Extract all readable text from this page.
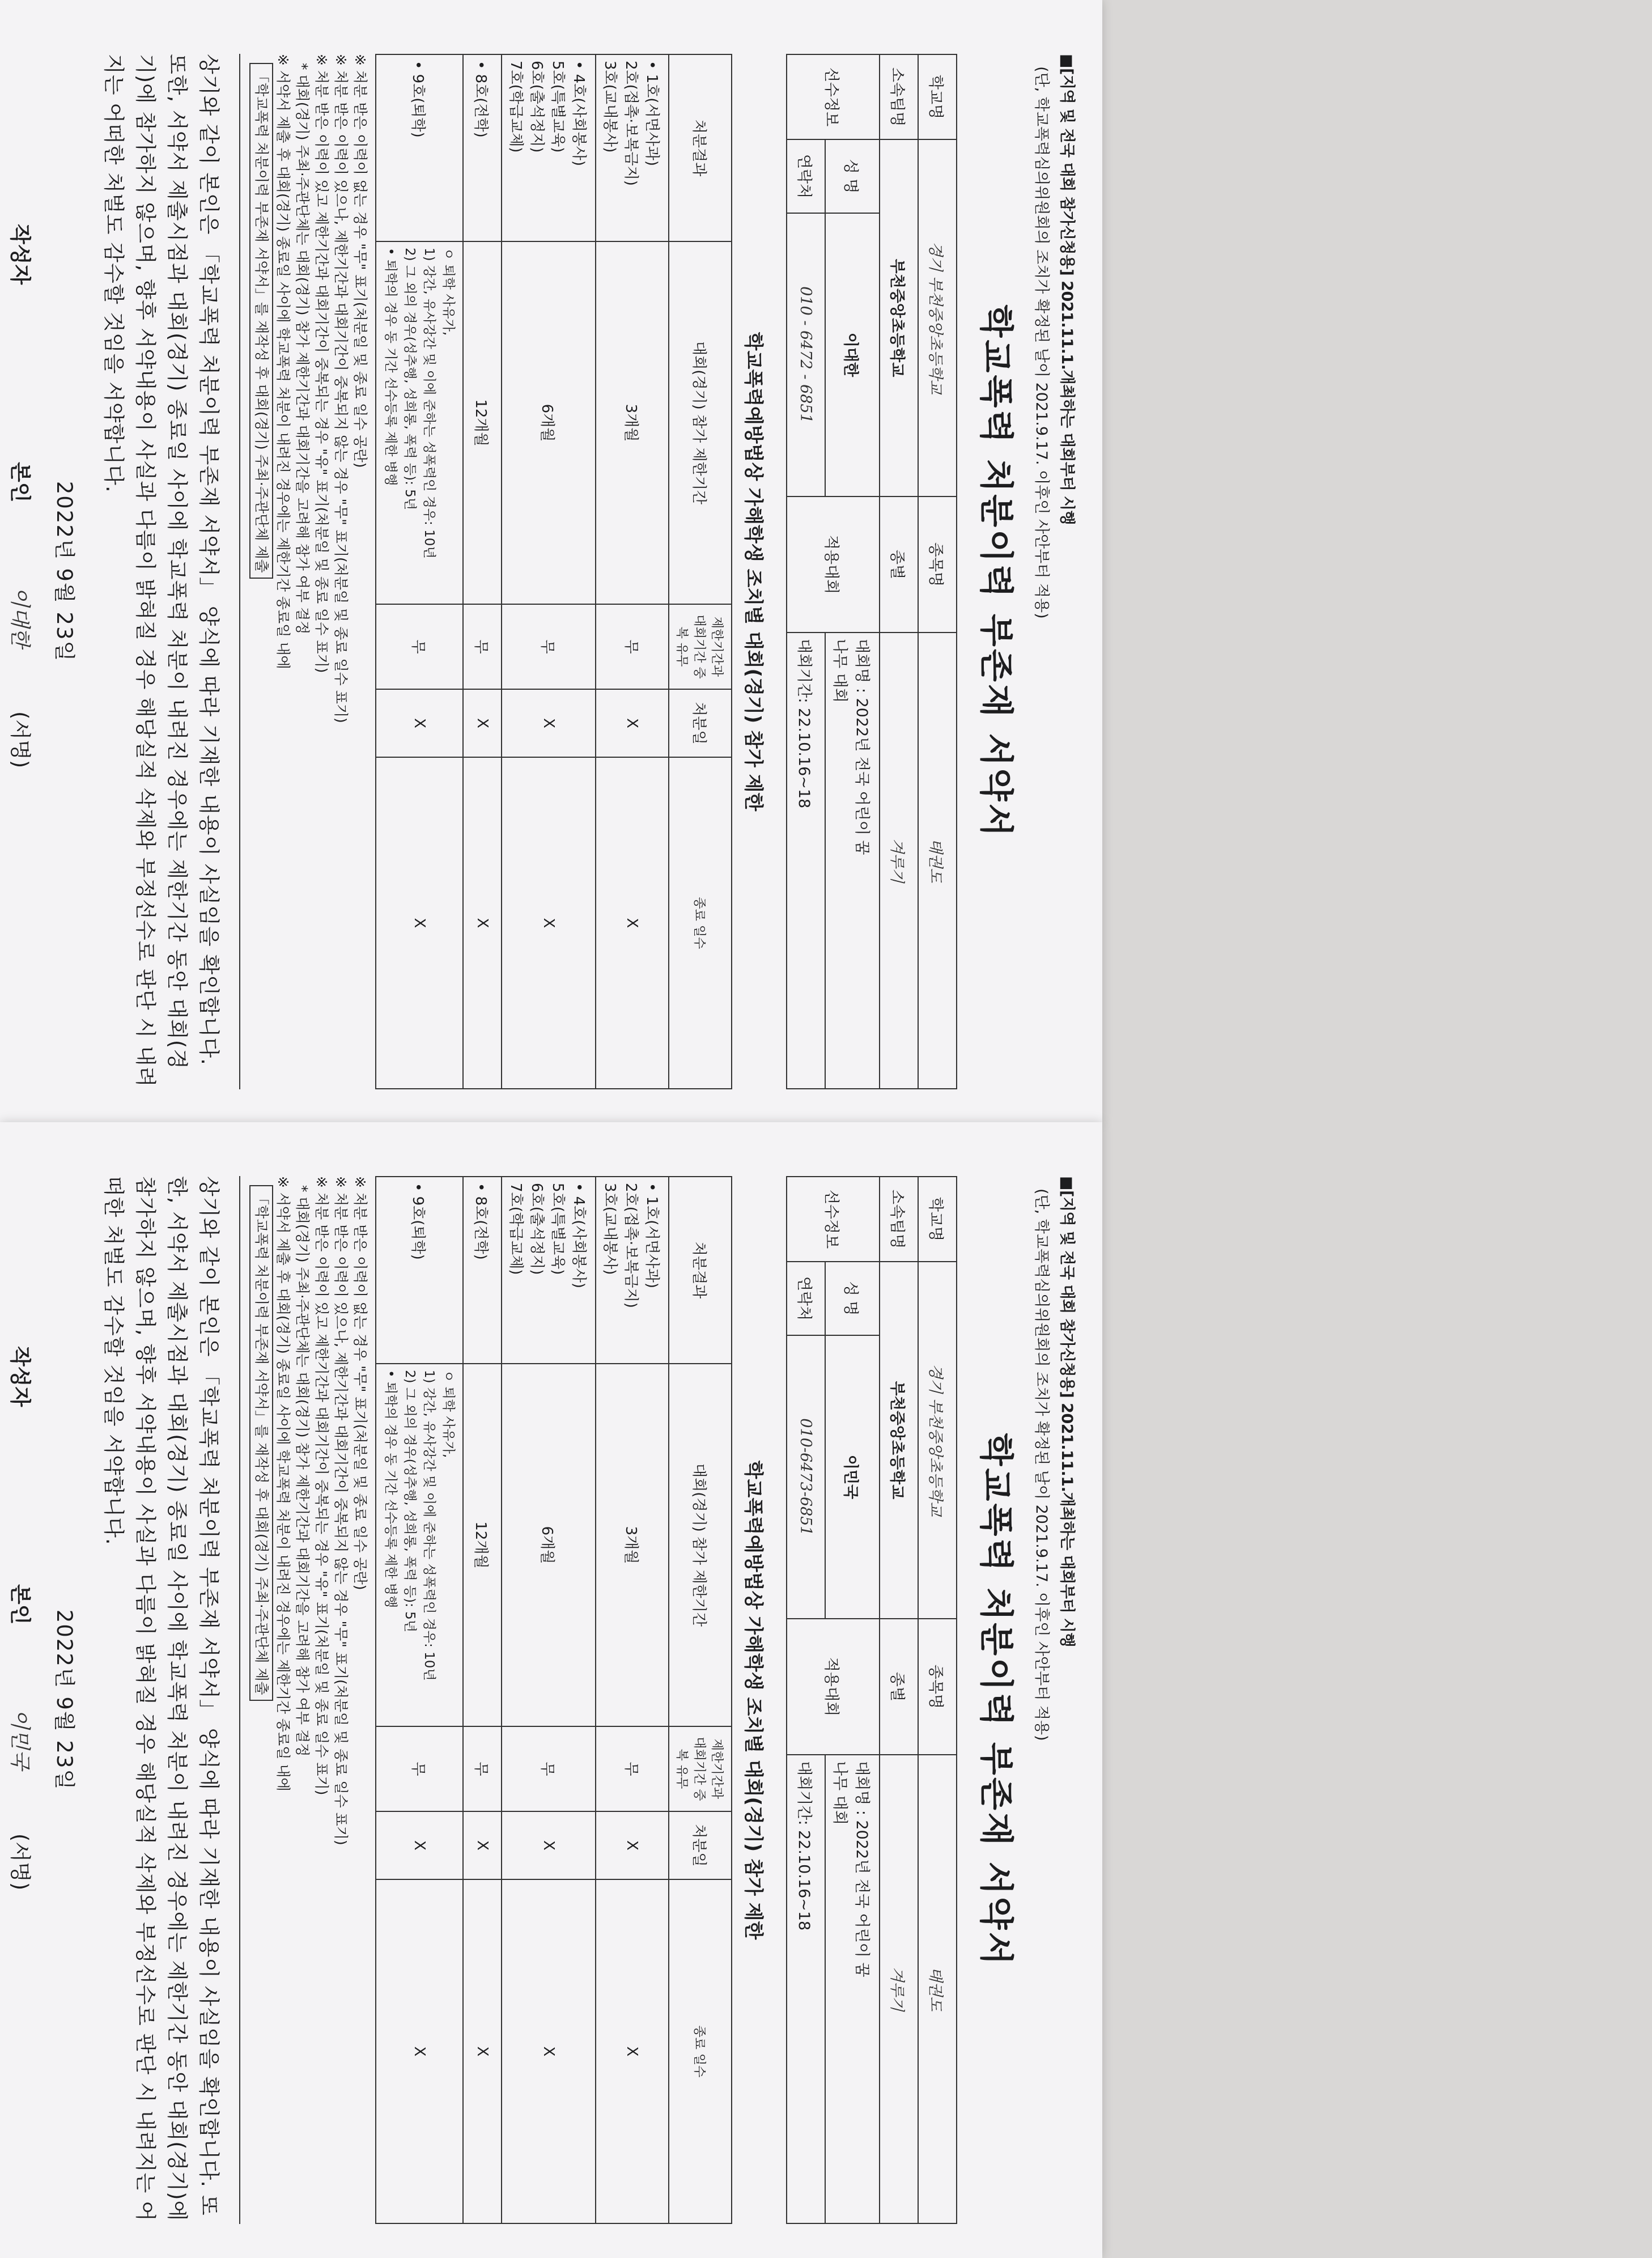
■[지역 및 전국 대회 참가신청용] 2021.11.1.개최하는 대회부터 시행
(단, 학교폭력심의위원회의 조치가 확정된 날이 2021.9.17. 이후인 사안부터 적용)
학교폭력 처분이력 부존재 서약서
학교명	경기 부천중앙초등학교		종목명	태권도
소속팀명	부천중앙초등학교		종별	겨루기
선수정보	성 명	이대한	적용대회	대회명 : 2022년 전국 어린이 꿈
나무 대회
	연락처	010 - 6472 - 6851		대회기간: 22.10.16~18
학교폭력예방법상 가해학생 조치별 대회(경기) 참가 제한
처분결과	대회(경기) 참가 제한기간	제한기간과 대회기간 중복 유무	처분일	종료 일수
• 1호(서면사과)
2호(접촉·보복금지)
3호(교내봉사)	3개월	무	X	X
• 4호(사회봉사)
5호(특별교육)
6호(출석정지)
7호(학급교체)	6개월	무	X	X
• 8호(전학)	12개월	무	X	X
• 9호(퇴학)	ㅇ 퇴학 사유가,
1) 강간, 유사강간 및 이에 준하는 성폭력인 경우: 10년
2) 그 외의 경우(성추행, 성희롱, 폭력 등): 5년
• 퇴학의 경우 동 기간 선수등록 제한 병행	무	X	X
※ 처분 받은 이력이 없는 경우 "무" 표기(처분일 및 종료 일수 공란)
※ 처분 받은 이력이 있으나, 제한기간과 대회기간이 중복되지 않는 경우 "무" 표기(처분일 및 종료 일수 표기)
※ 처분 받은 이력이 있고 제한기간과 대회기간이 중복되는 경우 "유" 표기(처분일 및 종료 일수 표기)
* 대회(경기) 주최·주관단체는 대회(경기) 참가 제한기간과 대회기간을 고려해 참가 여부 결정
※ 서약서 제출 후 대회(경기) 종료일 사이에 학교폭력 처분이 내려진 경우에는 제한기간 종료일 내에
「학교폭력 처분이력 부존재 서약서」를 재작성 후 대회(경기) 주최·주관단체 제출
상기와 같이 본인은 「학교폭력 처분이력 부존재 서약서」 양식에 따라 기재한 내용이 사실임을 확인합니다. 또한, 서약서 제출시점과 대회(경기) 종료일 사이에 학교폭력 처분이 내려진 경우에는 제한기간 동안 대회(경기)에 참가하지 않으며, 향후 서약내용이 사실과 다름이 밝혀질 경우 해당실적 삭제와 부정선수로 판단 시 내려지는 어떠한 처벌도 감수할 것임을 서약합니다.
2022년 9월 23일
작성자
본인
이대한
(서명)
■[지역 및 전국 대회 참가신청용] 2021.11.1.개최하는 대회부터 시행
(단, 학교폭력심의위원회의 조치가 확정된 날이 2021.9.17. 이후인 사안부터 적용)
학교폭력 처분이력 부존재 서약서
학교명	경기 부천중앙초등학교		종목명	태권도
소속팀명	부천중앙초등학교		종별	겨루기
선수정보	성 명	이민국	적용대회	대회명 : 2022년 전국 어린이 꿈
나무 대회
	연락처	010-6473-6851		대회기간: 22.10.16~18
학교폭력예방법상 가해학생 조치별 대회(경기) 참가 제한
처분결과	대회(경기) 참가 제한기간	제한기간과 대회기간 중복 유무	처분일	종료 일수
• 1호(서면사과)
2호(접촉·보복금지)
3호(교내봉사)	3개월	무	X	X
• 4호(사회봉사)
5호(특별교육)
6호(출석정지)
7호(학급교체)	6개월	무	X	X
• 8호(전학)	12개월	무	X	X
• 9호(퇴학)	ㅇ 퇴학 사유가,
1) 강간, 유사강간 및 이에 준하는 성폭력인 경우: 10년
2) 그 외의 경우(성추행, 성희롱, 폭력 등): 5년
• 퇴학의 경우 동 기간 선수등록 제한 병행	무	X	X
※ 처분 받은 이력이 없는 경우 "무" 표기(처분일 및 종료 일수 공란)
※ 처분 받은 이력이 있으나, 제한기간과 대회기간이 중복되지 않는 경우 "무" 표기(처분일 및 종료 일수 표기)
※ 처분 받은 이력이 있고 제한기간과 대회기간이 중복되는 경우 "유" 표기(처분일 및 종료 일수 표기)
* 대회(경기) 주최·주관단체는 대회(경기) 참가 제한기간과 대회기간을 고려해 참가 여부 결정
※ 서약서 제출 후 대회(경기) 종료일 사이에 학교폭력 처분이 내려진 경우에는 제한기간 종료일 내에
「학교폭력 처분이력 부존재 서약서」를 재작성 후 대회(경기) 주최·주관단체 제출
상기와 같이 본인은 「학교폭력 처분이력 부존재 서약서」 양식에 따라 기재한 내용이 사실임을 확인합니다. 또한, 서약서 제출시점과 대회(경기) 종료일 사이에 학교폭력 처분이 내려진 경우에는 제한기간 동안 대회(경기)에 참가하지 않으며, 향후 서약내용이 사실과 다름이 밝혀질 경우 해당실적 삭제와 부정선수로 판단 시 내려지는 어떠한 처벌도 감수할 것임을 서약합니다.
2022년 9월 23일
작성자
본인
이민국
(서명)
